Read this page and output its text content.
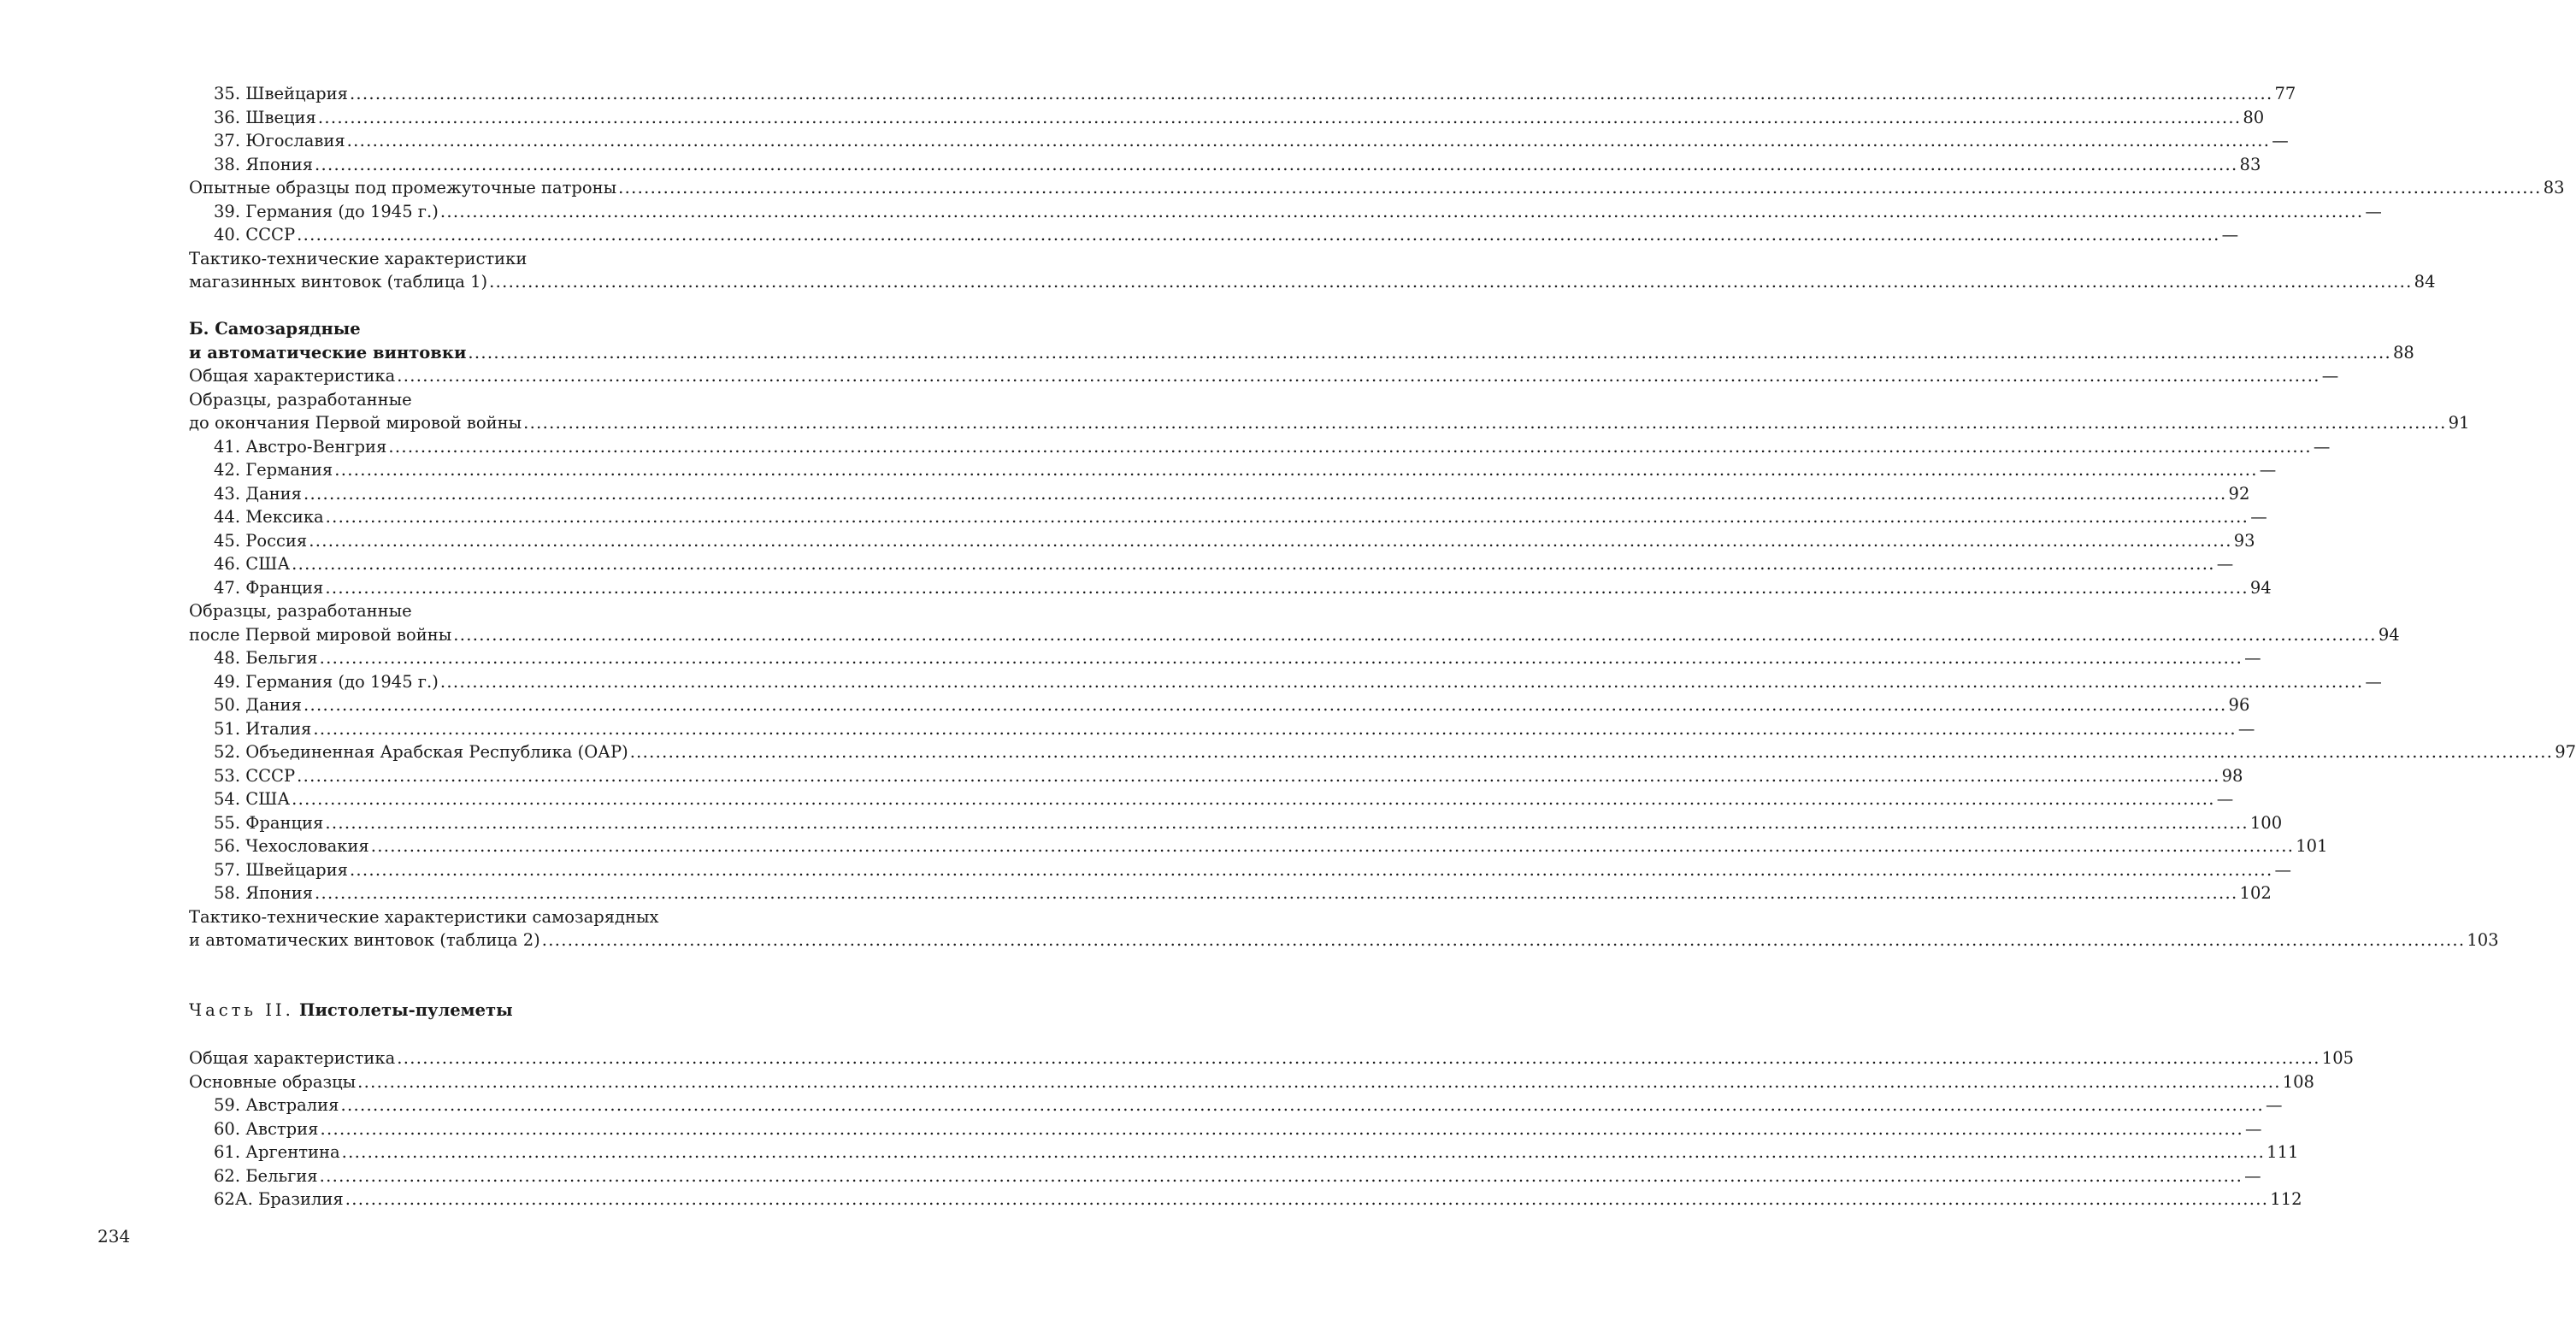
35. Швейцария ............................................................................................................................................................................................................................................................................................................ 77
36. Швеция ............................................................................................................................................................................................................................................................................................................ 80
37. Югославия ............................................................................................................................................................................................................................................................................................................ —
38. Япония ............................................................................................................................................................................................................................................................................................................ 83
Опытные образцы под промежуточные патроны ............................................................................................................................................................................................................................................................................................................ 83
39. Германия (до 1945 г.) ............................................................................................................................................................................................................................................................................................................ —
40. СССР ............................................................................................................................................................................................................................................................................................................ —
Тактико-технические характеристики
магазинных винтовок (таблица 1) ............................................................................................................................................................................................................................................................................................................ 84
Б. Самозарядные
и автоматические винтовки ............................................................................................................................................................................................................................................................................................................ 88
Общая характеристика ............................................................................................................................................................................................................................................................................................................ —
Образцы, разработанные
до окончания Первой мировой войны ............................................................................................................................................................................................................................................................................................................ 91
41. Австро-Венгрия ............................................................................................................................................................................................................................................................................................................ —
42. Германия ............................................................................................................................................................................................................................................................................................................ —
43. Дания ............................................................................................................................................................................................................................................................................................................ 92
44. Мексика ............................................................................................................................................................................................................................................................................................................ —
45. Россия ............................................................................................................................................................................................................................................................................................................ 93
46. США ............................................................................................................................................................................................................................................................................................................ —
47. Франция ............................................................................................................................................................................................................................................................................................................ 94
Образцы, разработанные
после Первой мировой войны ............................................................................................................................................................................................................................................................................................................ 94
48. Бельгия ............................................................................................................................................................................................................................................................................................................ —
49. Германия (до 1945 г.) ............................................................................................................................................................................................................................................................................................................ —
50. Дания ............................................................................................................................................................................................................................................................................................................ 96
51. Италия ............................................................................................................................................................................................................................................................................................................ —
52. Объединенная Арабская Республика (ОАР) ............................................................................................................................................................................................................................................................................................................ 97
53. СССР ............................................................................................................................................................................................................................................................................................................ 98
54. США ............................................................................................................................................................................................................................................................................................................ —
55. Франция ............................................................................................................................................................................................................................................................................................................ 100
56. Чехословакия ............................................................................................................................................................................................................................................................................................................ 101
57. Швейцария ............................................................................................................................................................................................................................................................................................................ —
58. Япония ............................................................................................................................................................................................................................................................................................................ 102
Тактико-технические характеристики самозарядных
и автоматических винтовок (таблица 2) ............................................................................................................................................................................................................................................................................................................ 103
Часть II. Пистолеты-пулеметы
Общая характеристика ............................................................................................................................................................................................................................................................................................................ 105
Основные образцы ............................................................................................................................................................................................................................................................................................................ 108
59. Австралия ............................................................................................................................................................................................................................................................................................................ —
60. Австрия ............................................................................................................................................................................................................................................................................................................ —
61. Аргентина ............................................................................................................................................................................................................................................................................................................ 111
62. Бельгия ............................................................................................................................................................................................................................................................................................................ —
62А. Бразилия ............................................................................................................................................................................................................................................................................................................ 112
234
